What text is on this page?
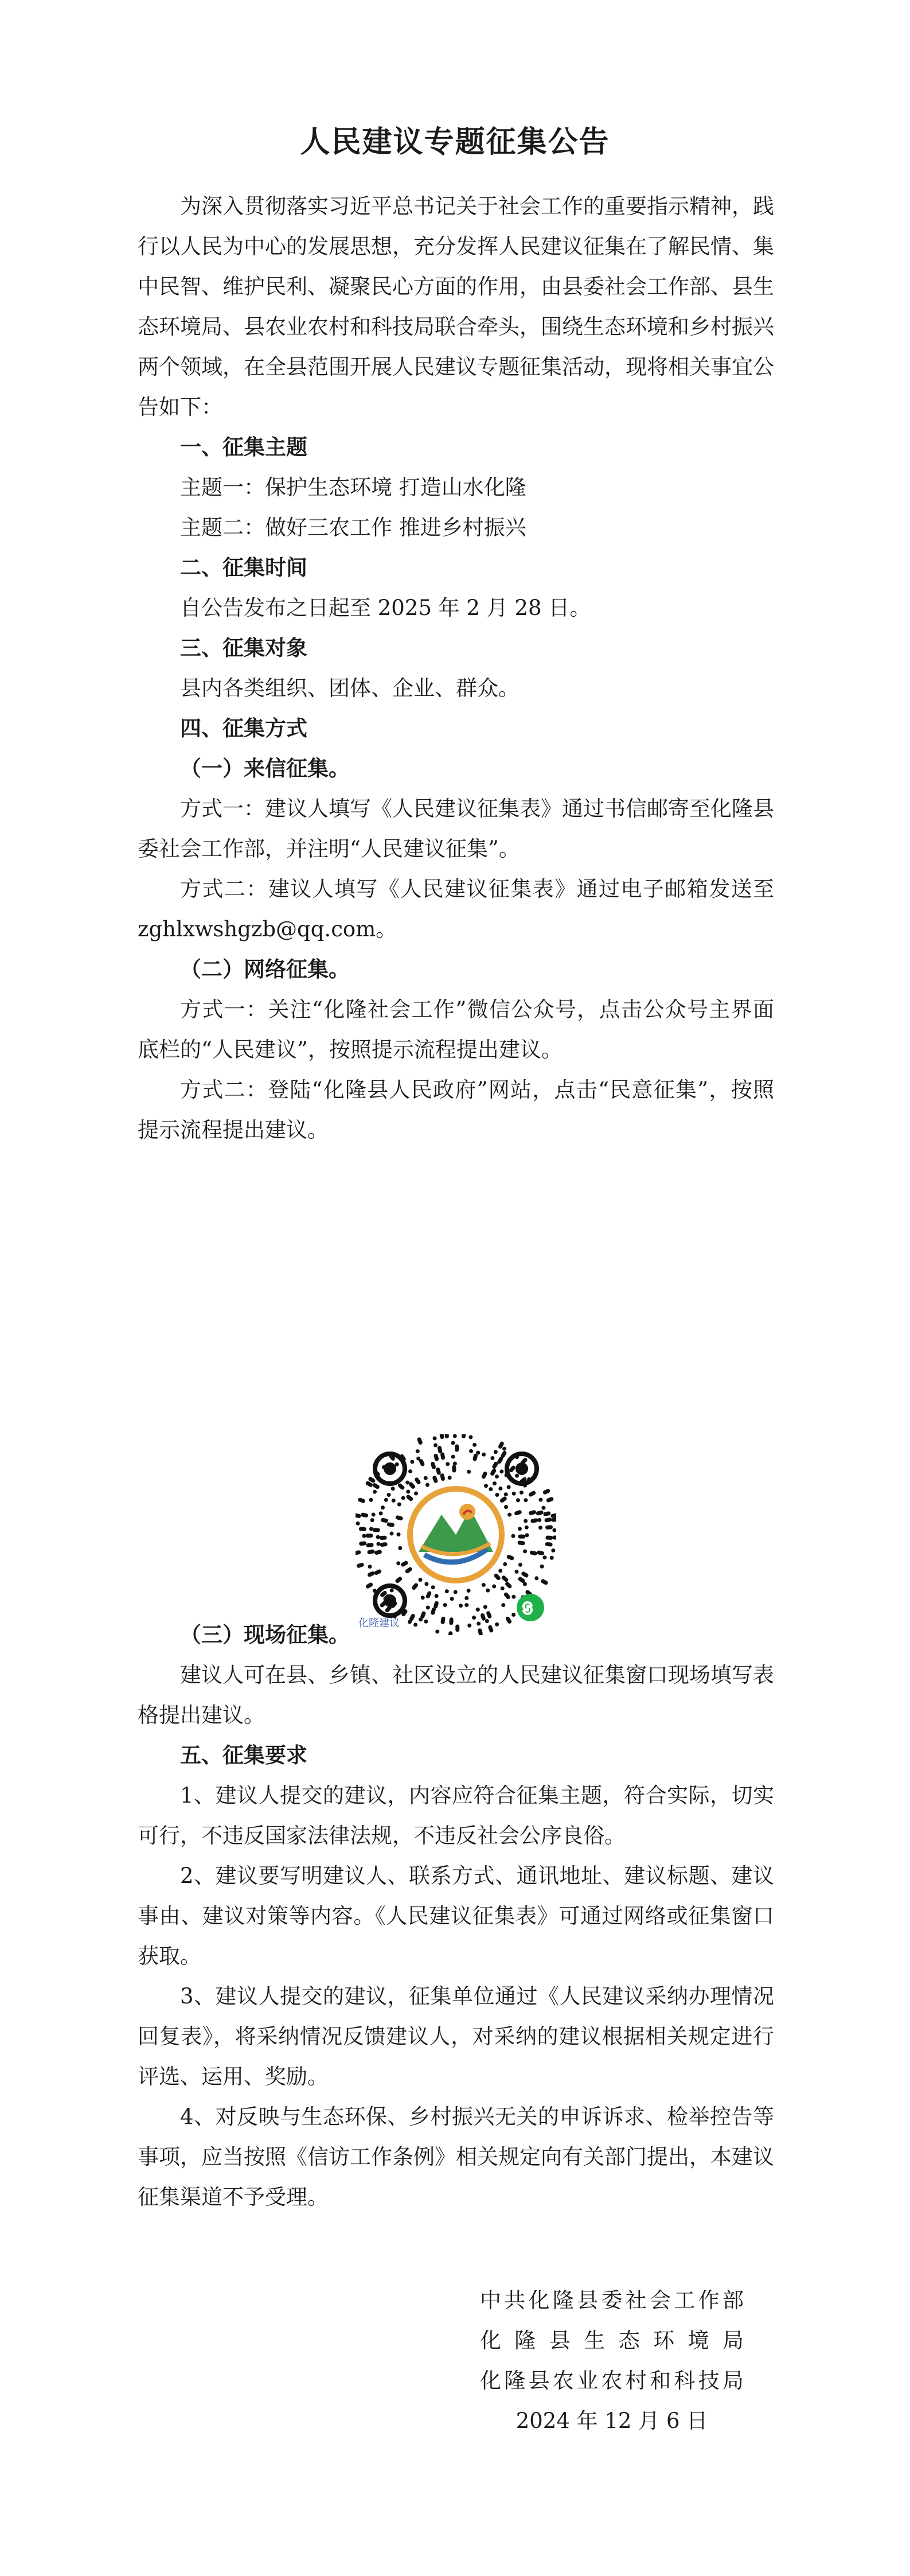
人民建议专题征集公告

为深入贯彻落实习近平总书记关于社会工作的重要指示精神，践行以人民为中心的发展思想，充分发挥人民建议征集在了解民情、集中民智、维护民利、凝聚民心方面的作用，由县委社会工作部、县生态环境局、县农业农村和科技局联合牵头，围绕生态环境和乡村振兴两个领域，在全县范围开展人民建议专题征集活动，现将相关事宜公告如下：

一、征集主题

主题一：保护生态环境 打造山水化隆

主题二：做好三农工作 推进乡村振兴

二、征集时间

自公告发布之日起至 2025 年 2 月 28 日。

三、征集对象

县内各类组织、团体、企业、群众。

四、征集方式

（一）来信征集。

方式一：建议人填写《人民建议征集表》通过书信邮寄至化隆县委社会工作部，并注明“人民建议征集”。

方式二：建议人填写《人民建议征集表》通过电子邮箱发送至 zghlxwshgzb@qq.com。

（二）网络征集。

方式一：关注“化隆社会工作”微信公众号，点击公众号主界面底栏的“人民建议”，按照提示流程提出建议。

方式二：登陆“化隆县人民政府”网站，点击“民意征集”，按照提示流程提出建议。

化隆建议

（三）现场征集。

建议人可在县、乡镇、社区设立的人民建议征集窗口现场填写表格提出建议。

五、征集要求

1、建议人提交的建议，内容应符合征集主题，符合实际，切实可行，不违反国家法律法规，不违反社会公序良俗。

2、建议要写明建议人、联系方式、通讯地址、建议标题、建议事由、建议对策等内容。《人民建议征集表》可通过网络或征集窗口获取。

3、建议人提交的建议，征集单位通过《人民建议采纳办理情况回复表》，将采纳情况反馈建议人，对采纳的建议根据相关规定进行评选、运用、奖励。

4、对反映与生态环保、乡村振兴无关的申诉诉求、检举控告等事项，应当按照《信访工作条例》相关规定向有关部门提出，本建议征集渠道不予受理。

中共化隆县委社会工作部

化隆县生态环境局

化隆县农业农村和科技局

2024 年 12 月 6 日
